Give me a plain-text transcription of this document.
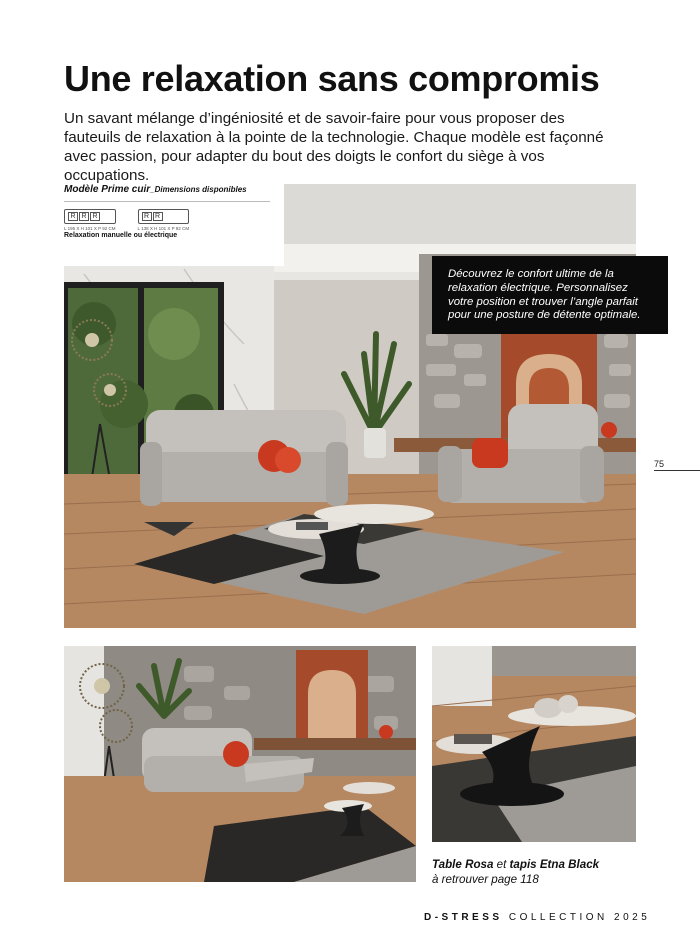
Une relaxation sans compromis

Un savant mélange d’ingéniosité et de savoir-faire pour vous proposer des fauteuils de relaxation à la pointe de la technologie. Chaque modèle est façonné avec passion, pour adapter du bout des doigts le confort du siège à vos occupations.

Modèle Prime cuir_Dimensions disponibles
R R R
L 195 X H 101 X P 92 CM
R R
L 138 X H 101 X P 92 CM
Relaxation manuelle ou électrique
Découvrez le confort ultime de la relaxation électrique. Personnalisez votre position et trouver l’angle parfait pour une posture de détente optimale.
75
Table Rosa et tapis Etna Black
à retrouver page 118
D-STRESS COLLECTION 2025
